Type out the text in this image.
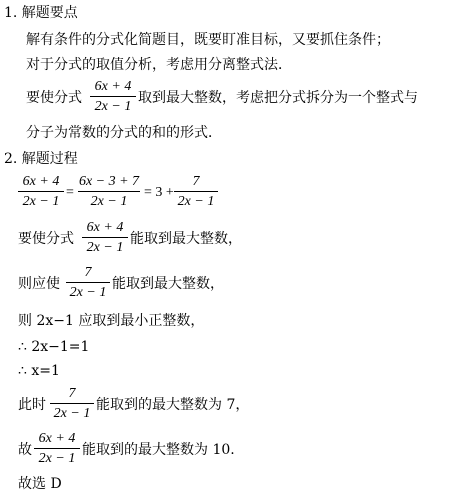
1. 解题要点
解有条件的分式化简题目，既要盯准目标，又要抓住条件；
对于分式的取值分析，考虑用分离整式法．
要使分式
6x + 4
2x − 1
取到最大整数，考虑把分式拆分为一个整式与
分子为常数的分式的和的形式．
2. 解题过程
6x + 4
2x − 1
=
6x − 3 + 7
2x − 1
= 3 +
7
2x − 1
要使分式
6x + 4
2x − 1
能取到最大整数，
则应使
7
2x − 1
能取到最大整数，
则 2x−1 应取到最小正整数，
∴ 2x−1=1
∴ x=1
此时
7
2x − 1
能取到的最大整数为 7，
故
6x + 4
2x − 1
能取到的最大整数为 10.
故选 D
